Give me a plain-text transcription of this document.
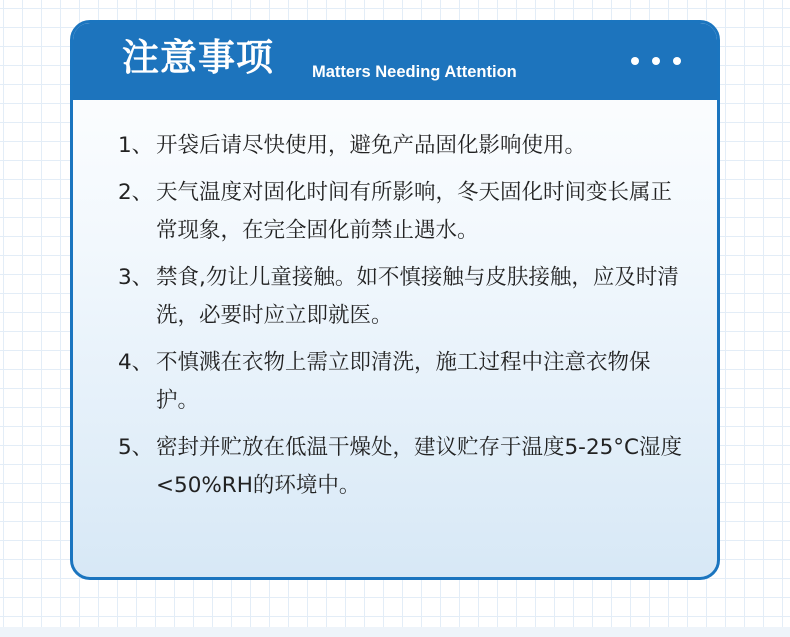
注意事项 Matters Needing Attention
1、 开袋后请尽快使用，避免产品固化影响使用。
2、 天气温度对固化时间有所影响，冬天固化时间变长属正常现象，在完全固化前禁止遇水。
3、 禁食,勿让儿童接触。如不慎接触与皮肤接触，应及时清洗，必要时应立即就医。
4、 不慎溅在衣物上需立即清洗，施工过程中注意衣物保护。
5、 密封并贮放在低温干燥处，建议贮存于温度5-25°C湿度<50%RH的环境中。
